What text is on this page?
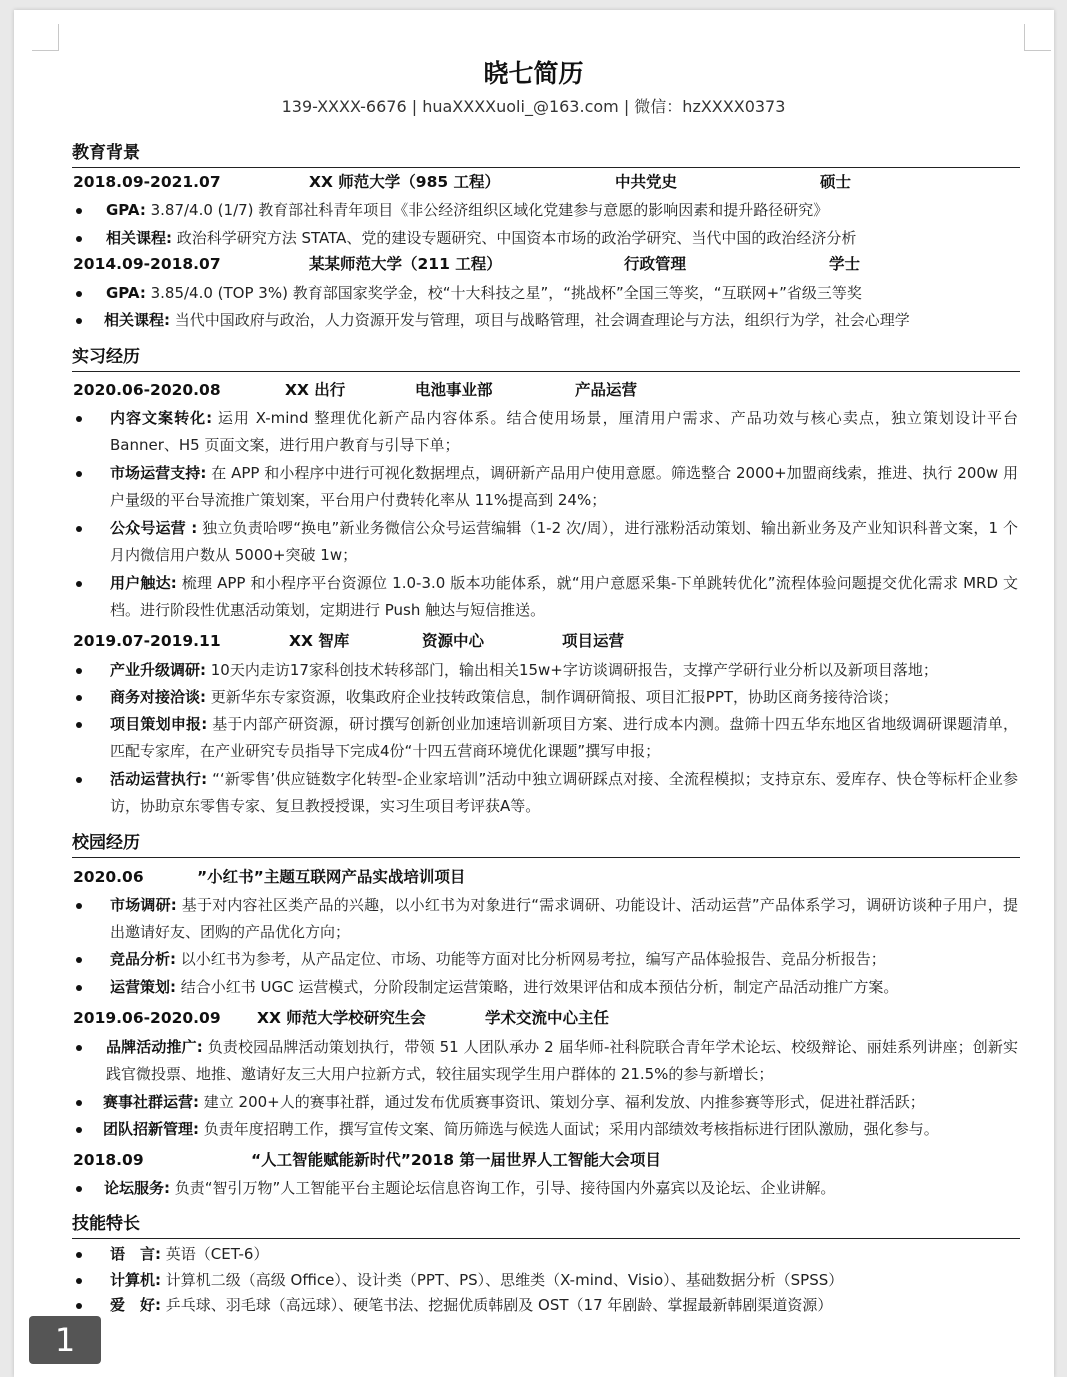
晓七简历
139-XXXX-6676 | huaXXXXuoli_@163.com | 微信：hzXXXX0373
教育背景
2018.09-2021.07	XX 师范大学（985 工程）	中共党史	硕士
GPA: 3.87/4.0 (1/7) 教育部社科青年项目《非公经济组织区域化党建参与意愿的影响因素和提升路径研究》
相关课程: 政治科学研究方法 STATA、党的建设专题研究、中国资本市场的政治学研究、当代中国的政治经济分析
2014.09-2018.07	某某师范大学（211 工程）	行政管理	学士
GPA: 3.85/4.0 (TOP 3%) 教育部国家奖学金，校“十大科技之星”，“挑战杯”全国三等奖，“互联网+”省级三等奖
相关课程: 当代中国政府与政治，人力资源开发与管理，项目与战略管理，社会调查理论与方法，组织行为学，社会心理学
实习经历
2020.06-2020.08	XX 出行	电池事业部	产品运营
内容文案转化: 运用 X-mind 整理优化新产品内容体系。结合使用场景，厘清用户需求、产品功效与核心卖点，独立策划设计平台 Banner、H5 页面文案，进行用户教育与引导下单；
市场运营支持: 在 APP 和小程序中进行可视化数据埋点，调研新产品用户使用意愿。筛选整合 2000+加盟商线索，推进、执行 200w 用户量级的平台导流推广策划案，平台用户付费转化率从 11%提高到 24%；
公众号运营 : 独立负责哈啰“换电”新业务微信公众号运营编辑（1-2 次/周），进行涨粉活动策划、输出新业务及产业知识科普文案，1 个月内微信用户数从 5000+突破 1w；
用户触达: 梳理 APP 和小程序平台资源位 1.0-3.0 版本功能体系，就“用户意愿采集-下单跳转优化”流程体验问题提交优化需求 MRD 文档。进行阶段性优惠活动策划，定期进行 Push 触达与短信推送。
2019.07-2019.11	XX 智库	资源中心	项目运营
产业升级调研: 10天内走访17家科创技术转移部门，输出相关15w+字访谈调研报告，支撑产学研行业分析以及新项目落地；
商务对接洽谈: 更新华东专家资源，收集政府企业技转政策信息，制作调研简报、项目汇报PPT，协助区商务接待洽谈；
项目策划申报: 基于内部产研资源，研讨撰写创新创业加速培训新项目方案、进行成本内测。盘筛十四五华东地区省地级调研课题清单，匹配专家库，在产业研究专员指导下完成4份“十四五营商环境优化课题”撰写申报；
活动运营执行: “‘新零售’供应链数字化转型-企业家培训”活动中独立调研踩点对接、全流程模拟；支持京东、爱库存、快仓等标杆企业参访，协助京东零售专家、复旦教授授课，实习生项目考评获A等。
校园经历
2020.06	”小红书”主题互联网产品实战培训项目
市场调研: 基于对内容社区类产品的兴趣，以小红书为对象进行“需求调研、功能设计、活动运营”产品体系学习，调研访谈种子用户，提出邀请好友、团购的产品优化方向；
竞品分析: 以小红书为参考，从产品定位、市场、功能等方面对比分析网易考拉，编写产品体验报告、竞品分析报告；
运营策划: 结合小红书 UGC 运营模式，分阶段制定运营策略，进行效果评估和成本预估分析，制定产品活动推广方案。
2019.06-2020.09 XX 师范大学校研究生会	学术交流中心主任
品牌活动推广: 负责校园品牌活动策划执行，带领 51 人团队承办 2 届华师-社科院联合青年学术论坛、校级辩论、丽娃系列讲座；创新实践官微投票、地推、邀请好友三大用户拉新方式，较往届实现学生用户群体的 21.5%的参与新增长；
赛事社群运营: 建立 200+人的赛事社群，通过发布优质赛事资讯、策划分享、福利发放、内推参赛等形式，促进社群活跃；
团队招新管理: 负责年度招聘工作，撰写宣传文案、简历筛选与候选人面试；采用内部绩效考核指标进行团队激励，强化参与。
2018.09	“人工智能赋能新时代”2018 第一届世界人工智能大会项目
论坛服务: 负责“智引万物”人工智能平台主题论坛信息咨询工作，引导、接待国内外嘉宾以及论坛、企业讲解。
技能特长
语　言: 英语（CET-6）
计算机: 计算机二级（高级 Office）、设计类（PPT、PS）、思维类（X-mind、Visio）、基础数据分析（SPSS）
爱　好: 乒乓球、羽毛球（高远球）、硬笔书法、挖掘优质韩剧及 OST（17 年剧龄、掌握最新韩剧渠道资源）
1
